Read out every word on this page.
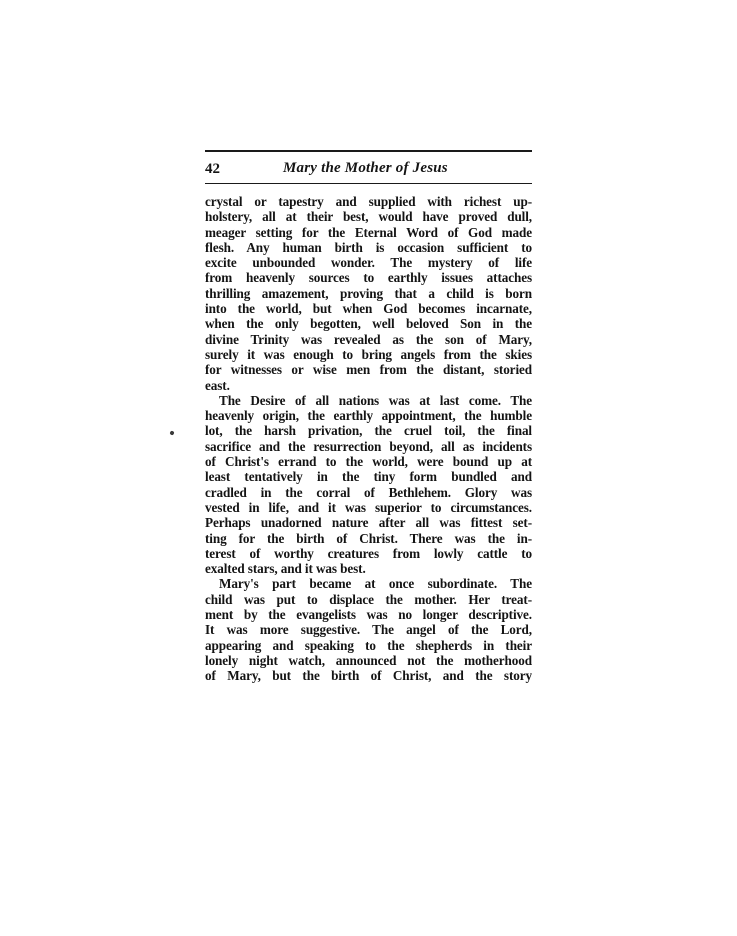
42	Mary the Mother of Jesus
crystal or tapestry and supplied with richest up-
holstery, all at their best, would have proved dull,
meager setting for the Eternal Word of God made
flesh. Any human birth is occasion sufficient to
excite unbounded wonder. The mystery of life
from heavenly sources to earthly issues attaches
thrilling amazement, proving that a child is born
into the world, but when God becomes incarnate,
when the only begotten, well beloved Son in the
divine Trinity was revealed as the son of Mary,
surely it was enough to bring angels from the skies
for witnesses or wise men from the distant, storied
east.
The Desire of all nations was at last come. The
heavenly origin, the earthly appointment, the humble
lot, the harsh privation, the cruel toil, the final
sacrifice and the resurrection beyond, all as incidents
of Christ's errand to the world, were bound up at
least tentatively in the tiny form bundled and
cradled in the corral of Bethlehem. Glory was
vested in life, and it was superior to circumstances.
Perhaps unadorned nature after all was fittest set-
ting for the birth of Christ. There was the in-
terest of worthy creatures from lowly cattle to
exalted stars, and it was best.
Mary's part became at once subordinate. The
child was put to displace the mother. Her treat-
ment by the evangelists was no longer descriptive.
It was more suggestive. The angel of the Lord,
appearing and speaking to the shepherds in their
lonely night watch, announced not the motherhood
of Mary, but the birth of Christ, and the story
